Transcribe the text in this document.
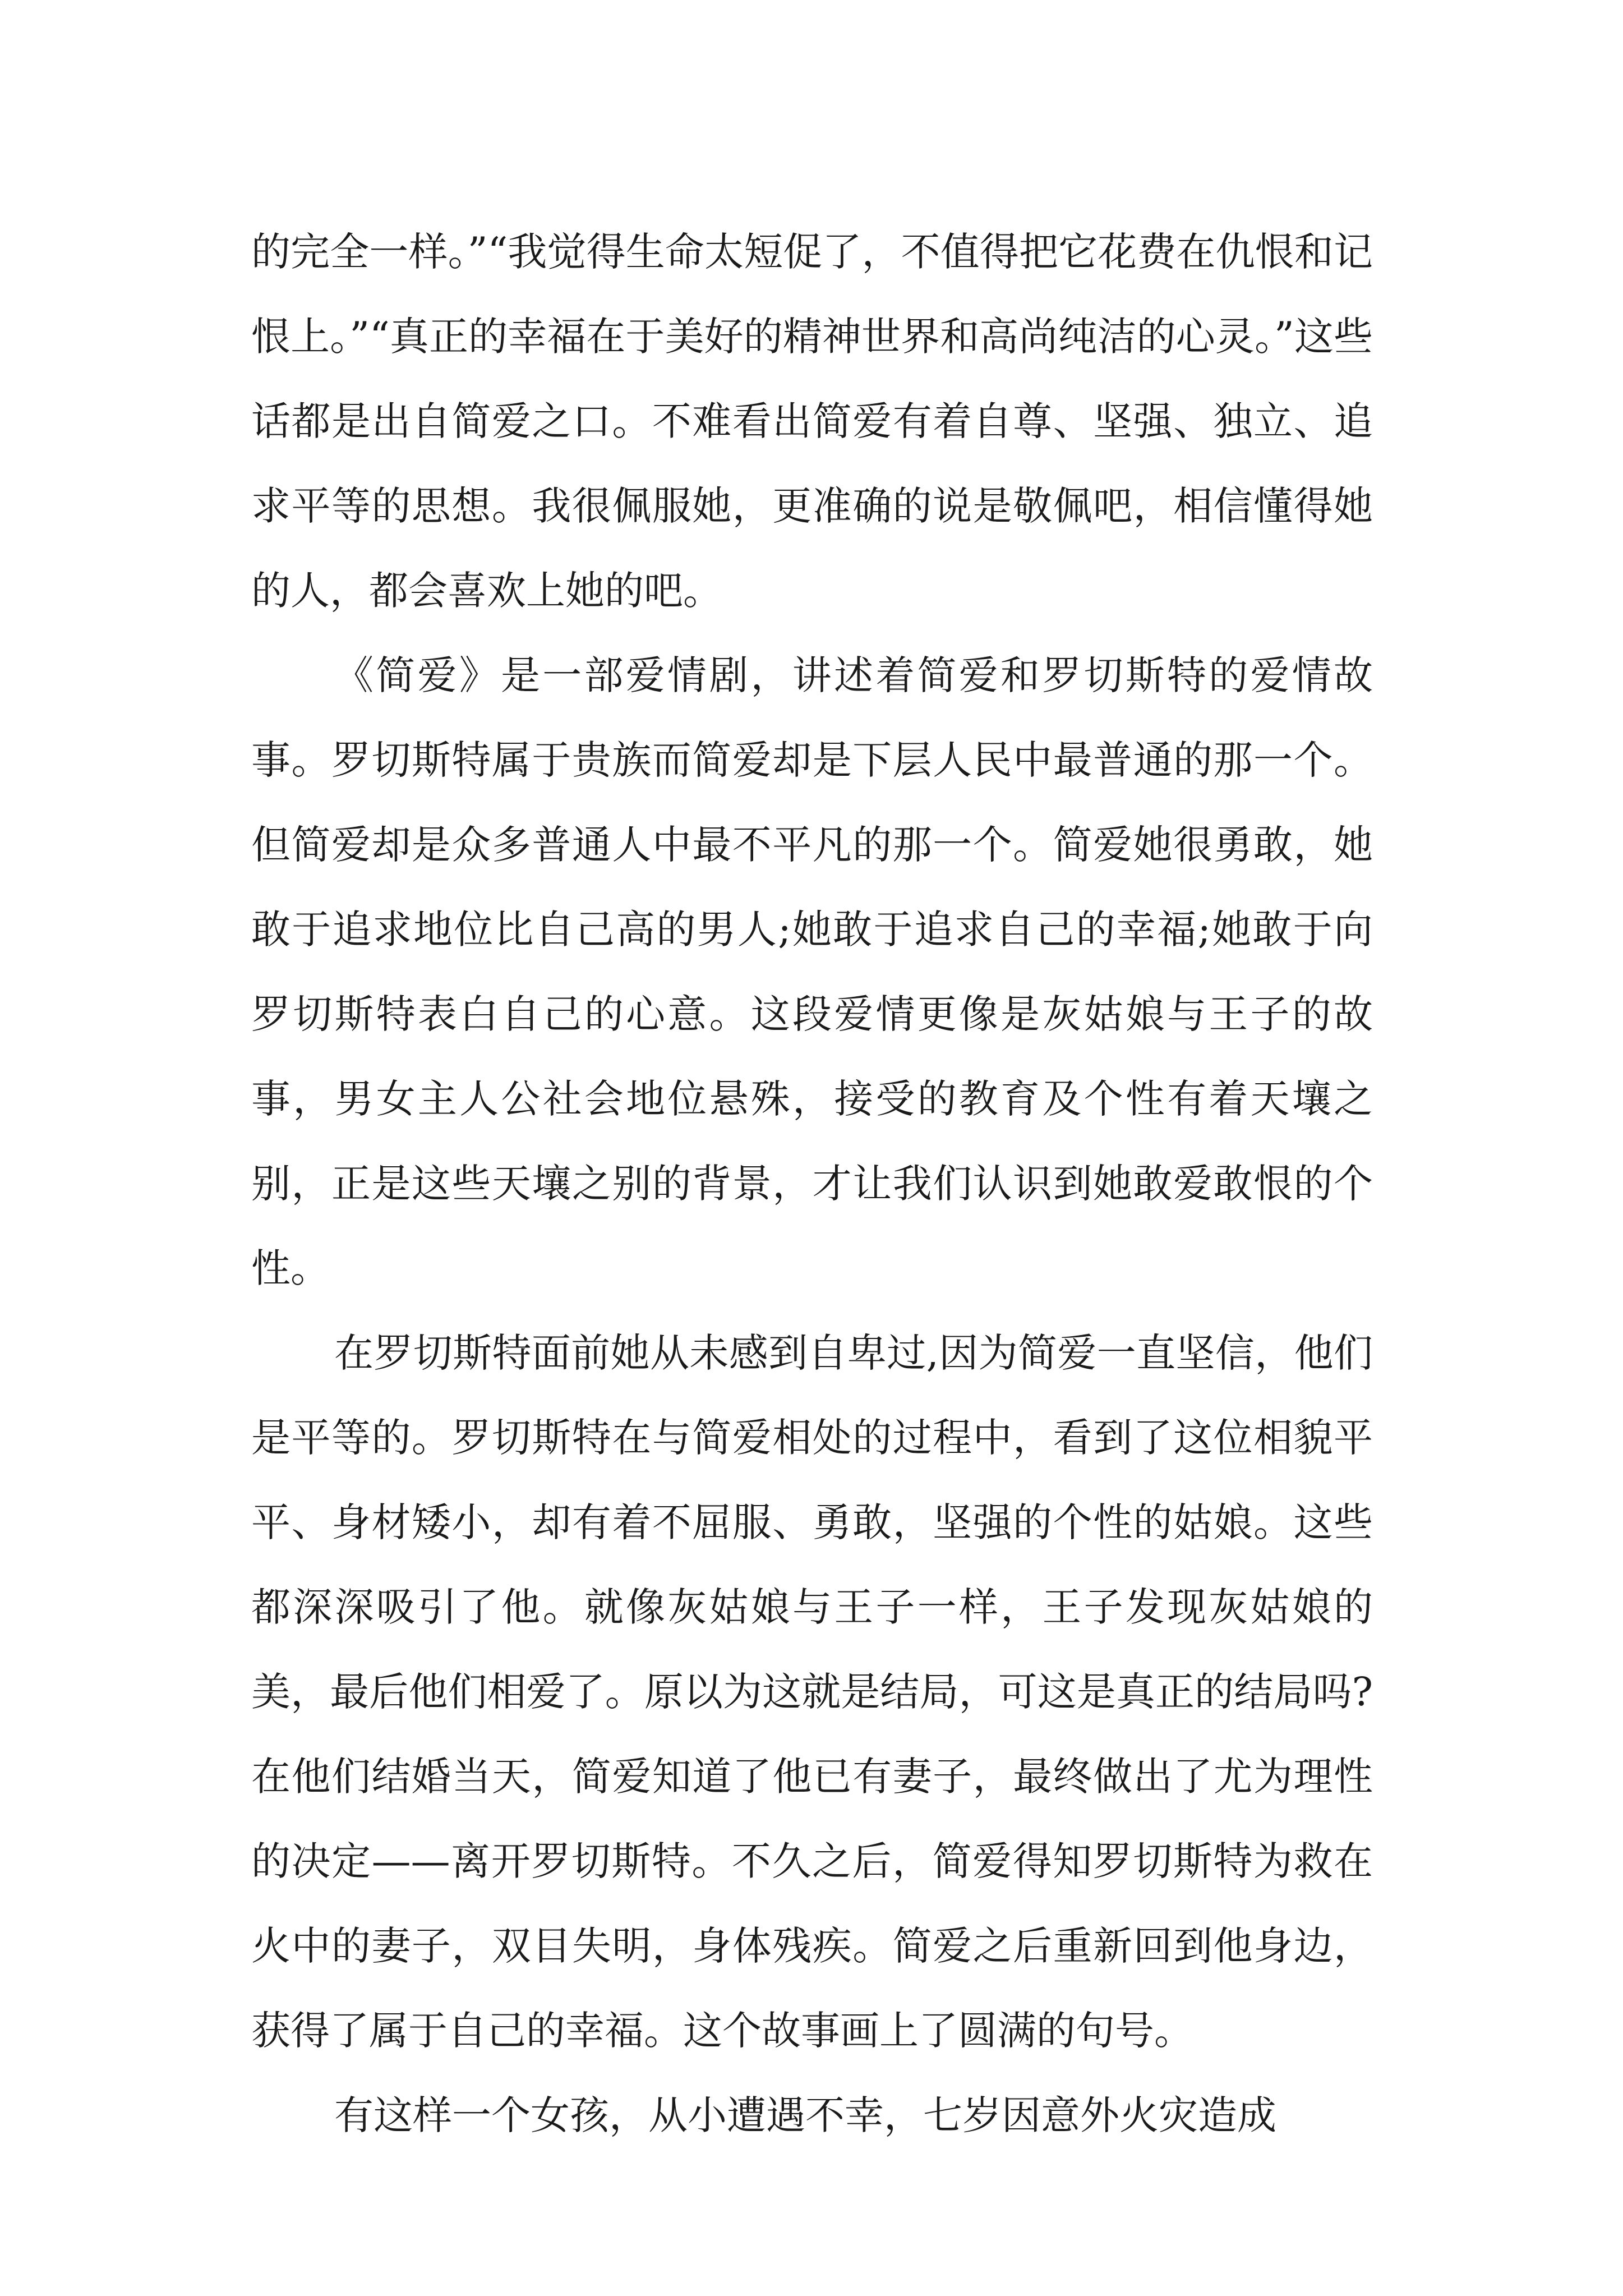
的完全一样。”“我觉得生命太短促了，不值得把它花费在仇恨和记恨上。”“真正的幸福在于美好的精神世界和高尚纯洁的心灵。”这些话都是出自简爱之口。不难看出简爱有着自尊、坚强、独立、追求平等的思想。我很佩服她，更准确的说是敬佩吧，相信懂得她的人，都会喜欢上她的吧。

《简爱》是一部爱情剧，讲述着简爱和罗切斯特的爱情故事。罗切斯特属于贵族而简爱却是下层人民中最普通的那一个。但简爱却是众多普通人中最不平凡的那一个。简爱她很勇敢，她敢于追求地位比自己高的男人;她敢于追求自己的幸福;她敢于向罗切斯特表白自己的心意。这段爱情更像是灰姑娘与王子的故事，男女主人公社会地位悬殊，接受的教育及个性有着天壤之别，正是这些天壤之别的背景，才让我们认识到她敢爱敢恨的个性。

在罗切斯特面前她从未感到自卑过,因为简爱一直坚信，他们是平等的。罗切斯特在与简爱相处的过程中，看到了这位相貌平平、身材矮小，却有着不屈服、勇敢，坚强的个性的姑娘。这些都深深吸引了他。就像灰姑娘与王子一样，王子发现灰姑娘的美，最后他们相爱了。原以为这就是结局，可这是真正的结局吗?在他们结婚当天，简爱知道了他已有妻子，最终做出了尤为理性的决定——离开罗切斯特。不久之后，简爱得知罗切斯特为救在火中的妻子，双目失明，身体残疾。简爱之后重新回到他身边，获得了属于自己的幸福。这个故事画上了圆满的句号。

有这样一个女孩，从小遭遇不幸，七岁因意外火灾造成
